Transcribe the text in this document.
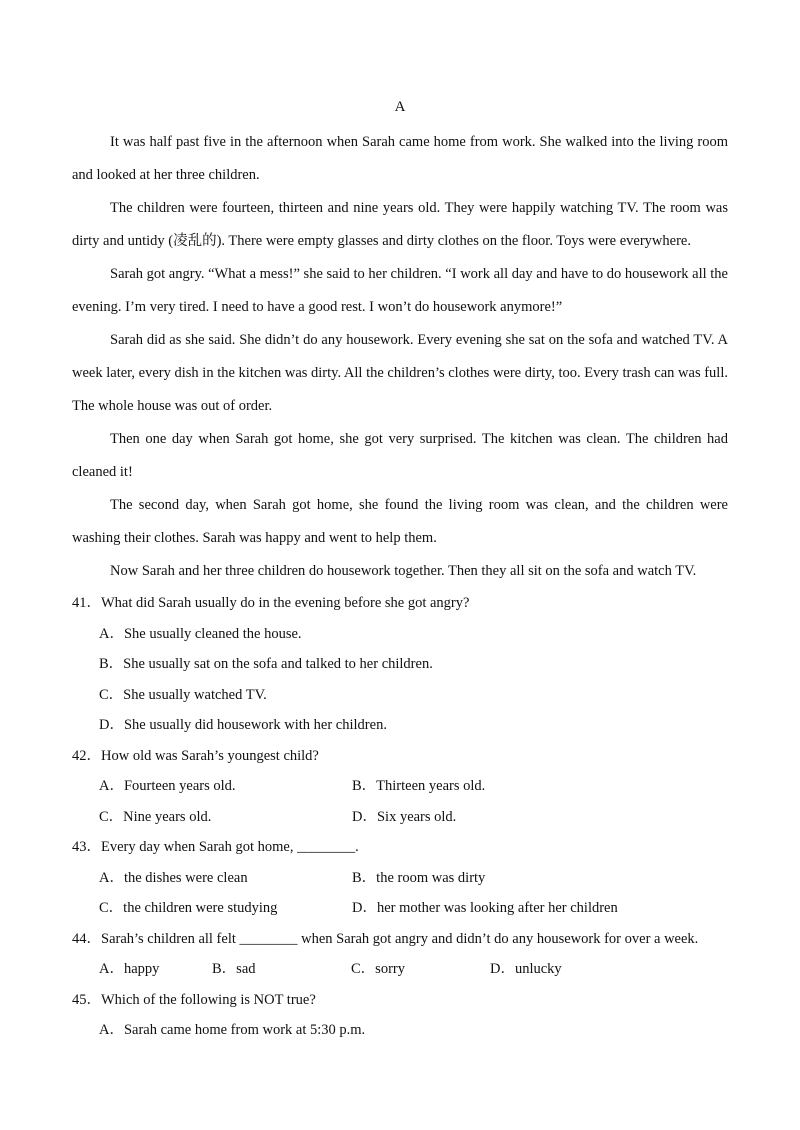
A

It was half past five in the afternoon when Sarah came home from work. She walked into the living room and looked at her three children.

The children were fourteen, thirteen and nine years old. They were happily watching TV. The room was dirty and untidy (凌乱的). There were empty glasses and dirty clothes on the floor. Toys were everywhere.

Sarah got angry. “What a mess!” she said to her children. “I work all day and have to do housework all the evening. I’m very tired. I need to have a good rest. I won’t do housework anymore!”

Sarah did as she said. She didn’t do any housework. Every evening she sat on the sofa and watched TV. A week later, every dish in the kitchen was dirty. All the children’s clothes were dirty, too. Every trash can was full. The whole house was out of order.

Then one day when Sarah got home, she got very surprised. The kitchen was clean. The children had cleaned it!

The second day, when Sarah got home, she found the living room was clean, and the children were washing their clothes. Sarah was happy and went to help them.

Now Sarah and her three children do housework together. Then they all sit on the sofa and watch TV.

41．What did Sarah usually do in the evening before she got angry?

A．She usually cleaned the house.

B．She usually sat on the sofa and talked to her children.

C．She usually watched TV.

D．She usually did housework with her children.

42．How old was Sarah’s youngest child?

A．Fourteen years old.	B．Thirteen years old.
C．Nine years old.	D．Six years old.

43．Every day when Sarah got home, ________.

A．the dishes were clean	B．the room was dirty
C．the children were studying	D．her mother was looking after her children

44．Sarah’s children all felt ________ when Sarah got angry and didn’t do any housework for over a week.

A．happy	B．sad	C．sorry	D．unlucky

45．Which of the following is NOT true?

A．Sarah came home from work at 5:30 p.m.
